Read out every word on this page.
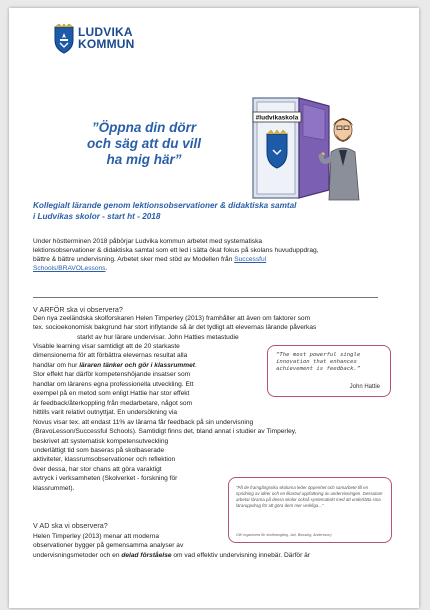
LUDVIKA
KOMMUN
”Öppna din dörr
och säg att du vill
ha mig här”
#ludvikaskola
Kollegialt lärande genom lektionsobservationer & didaktiska samtal
i Ludvikas skolor - start ht - 2018
Under höstterminen 2018 påbörjar Ludvika kommun arbetet med systematiska
lektionsobservationer & didaktiska samtal som ett led i sätta ökat fokus på skolans huvuduppdrag,
bättre & bättre undervisning. Arbetet sker med stöd av Modellen från Successful
Schools/BRAVOLessons.
V ARFÖR ska vi observera?
Den nya zeeländska skolforskaren Helen Timperley (2013) framhåller att även om faktorer som
tex. socioekonomisk bakgrund har stort inflytande så är det tydligt att elevernas lärande påverkas
starkt av hur lärare undervisar. John Hatties metastudie
Visable learning visar samtidigt att de 20 starkaste
dimensionerna för att förbättra elevernas resultat alla
handlar om hur läraren tänker och gör i klassrummet.
Stor effekt har därför kompetenshöjande insatser som
handlar om lärarens egna professionella utveckling. Ett
exempel på en metod som enligt Hattie har stor effekt
är feedback/återkoppling från medarbetare, något som
hittills varit relativt outnyttjat. En undersökning via
Novus visar tex. att endast 11% av lärarna får feedback på sin undervisning
(BravoLesson/Successful Schools). Samtidigt finns det, bland annat i studier av Timperley,
beskrivet att systematisk kompetensutveckling
underlättigt tid som baseras på skolbaserade
aktiviteter, klassrumsobservationer och reflektion
över dessa, har stor chans att göra varaktigt
avtryck i verksamheten (Skolverket - forskning för
klassrummet).
“The most powerful single innovation that enhances achievement is feedback.”
John Hattie
V AD ska vi observera?
Helen Timperley (2013) menar att moderna
observationer bygger på gemensamma analyser av
undervisningsmetoder och en delad förståelse om vad effektiv undervisning innebär. Därför är
”På de framgångsrika skolorna leder öppenhet och samarbete till en spridning av idéer och en likartad uppfattning av undervisningen. Dessutom arbetar lärarna på dessa skolor också systematiskt med att underlätta sina läraruppdrag för att göra dem mer verkliga...”
OW organisera för skolframgång, Jarl, Blossing, Andersson)
